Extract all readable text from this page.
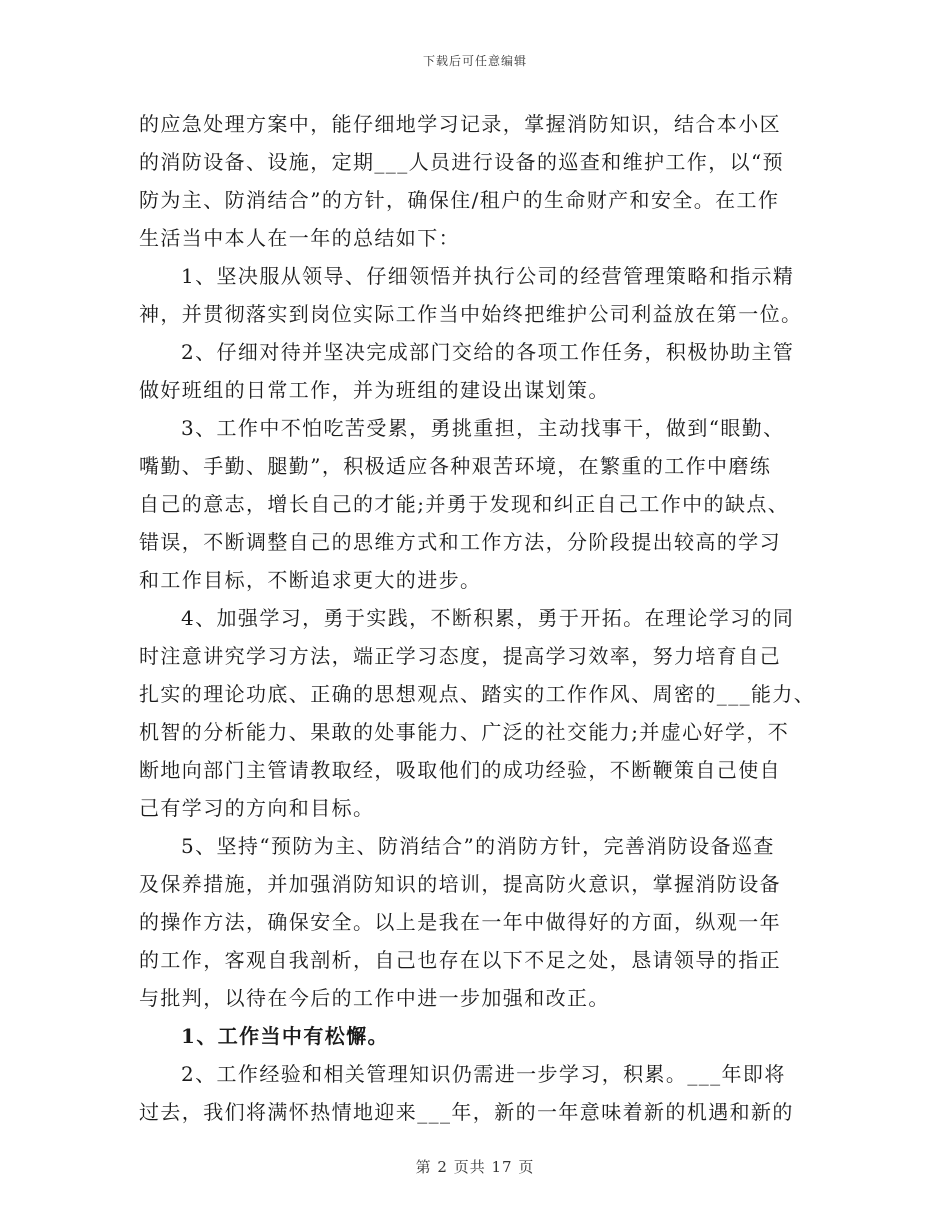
下载后可任意编辑
的应急处理方案中，能仔细地学习记录，掌握消防知识，结合本小区
的消防设备、设施，定期___人员进行设备的巡查和维护工作，以“预
防为主、防消结合”的方针，确保住/租户的生命财产和安全。在工作
生活当中本人在一年的总结如下：
1、坚决服从领导、仔细领悟并执行公司的经营管理策略和指示精
神，并贯彻落实到岗位实际工作当中始终把维护公司利益放在第一位。
2、仔细对待并坚决完成部门交给的各项工作任务，积极协助主管
做好班组的日常工作，并为班组的建设出谋划策。
3、工作中不怕吃苦受累，勇挑重担，主动找事干，做到“眼勤、
嘴勤、手勤、腿勤”，积极适应各种艰苦环境，在繁重的工作中磨练
自己的意志，增长自己的才能;并勇于发现和纠正自己工作中的缺点、
错误，不断调整自己的思维方式和工作方法，分阶段提出较高的学习
和工作目标，不断追求更大的进步。
4、加强学习，勇于实践，不断积累，勇于开拓。在理论学习的同
时注意讲究学习方法，端正学习态度，提高学习效率，努力培育自己
扎实的理论功底、正确的思想观点、踏实的工作作风、周密的___能力、
机智的分析能力、果敢的处事能力、广泛的社交能力;并虚心好学，不
断地向部门主管请教取经，吸取他们的成功经验，不断鞭策自己使自
己有学习的方向和目标。
5、坚持“预防为主、防消结合”的消防方针，完善消防设备巡查
及保养措施，并加强消防知识的培训，提高防火意识，掌握消防设备
的操作方法，确保安全。以上是我在一年中做得好的方面，纵观一年
的工作，客观自我剖析，自己也存在以下不足之处，恳请领导的指正
与批判，以待在今后的工作中进一步加强和改正。
1、工作当中有松懈。
2、工作经验和相关管理知识仍需进一步学习，积累。___年即将
过去，我们将满怀热情地迎来___年，新的一年意味着新的机遇和新的
第 2 页共 17 页
